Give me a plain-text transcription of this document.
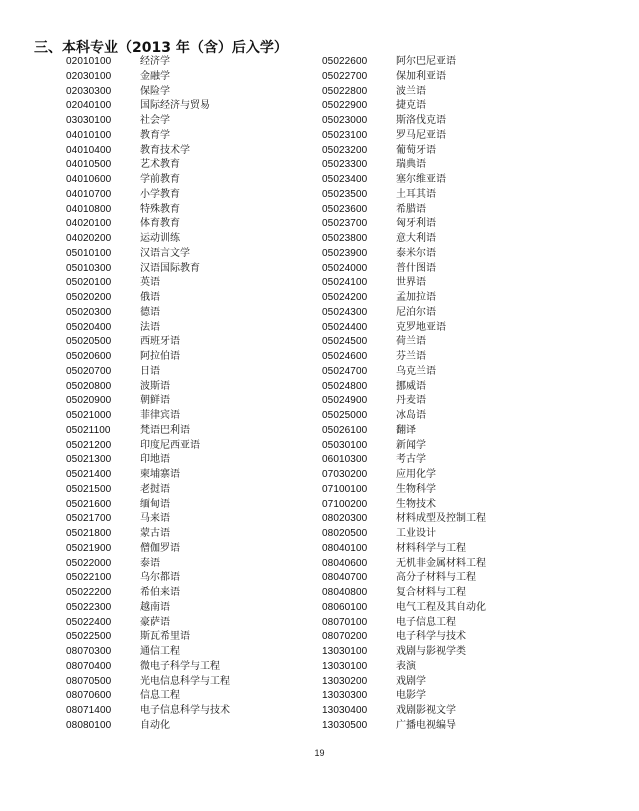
三、本科专业（2013 年（含）后入学）
02010100	经济学
02030100	金融学
02030300	保险学
02040100	国际经济与贸易
03030100	社会学
04010100	教育学
04010400	教育技术学
04010500	艺术教育
04010600	学前教育
04010700	小学教育
04010800	特殊教育
04020100	体育教育
04020200	运动训练
05010100	汉语言文学
05010300	汉语国际教育
05020100	英语
05020200	俄语
05020300	德语
05020400	法语
05020500	西班牙语
05020600	阿拉伯语
05020700	日语
05020800	波斯语
05020900	朝鲜语
05021000	菲律宾语
05021100	梵语巴利语
05021200	印度尼西亚语
05021300	印地语
05021400	柬埔寨语
05021500	老挝语
05021600	缅甸语
05021700	马来语
05021800	蒙古语
05021900	僧伽罗语
05022000	泰语
05022100	乌尔都语
05022200	希伯来语
05022300	越南语
05022400	豪萨语
05022500	斯瓦希里语
08070300	通信工程
08070400	微电子科学与工程
08070500	光电信息科学与工程
08070600	信息工程
08071400	电子信息科学与技术
08080100	自动化
05022600	阿尔巴尼亚语
05022700	保加利亚语
05022800	波兰语
05022900	捷克语
05023000	斯洛伐克语
05023100	罗马尼亚语
05023200	葡萄牙语
05023300	瑞典语
05023400	塞尔维亚语
05023500	土耳其语
05023600	希腊语
05023700	匈牙利语
05023800	意大利语
05023900	泰米尔语
05024000	普什图语
05024100	世界语
05024200	孟加拉语
05024300	尼泊尔语
05024400	克罗地亚语
05024500	荷兰语
05024600	芬兰语
05024700	乌克兰语
05024800	挪威语
05024900	丹麦语
05025000	冰岛语
05026100	翻译
05030100	新闻学
06010300	考古学
07030200	应用化学
07100100	生物科学
07100200	生物技术
08020300	材料成型及控制工程
08020500	工业设计
08040100	材料科学与工程
08040600	无机非金属材料工程
08040700	高分子材料与工程
08040800	复合材料与工程
08060100	电气工程及其自动化
08070100	电子信息工程
08070200	电子科学与技术
13030100	戏剧与影视学类
13030100	表演
13030200	戏剧学
13030300	电影学
13030400	戏剧影视文学
13030500	广播电视编导
19
